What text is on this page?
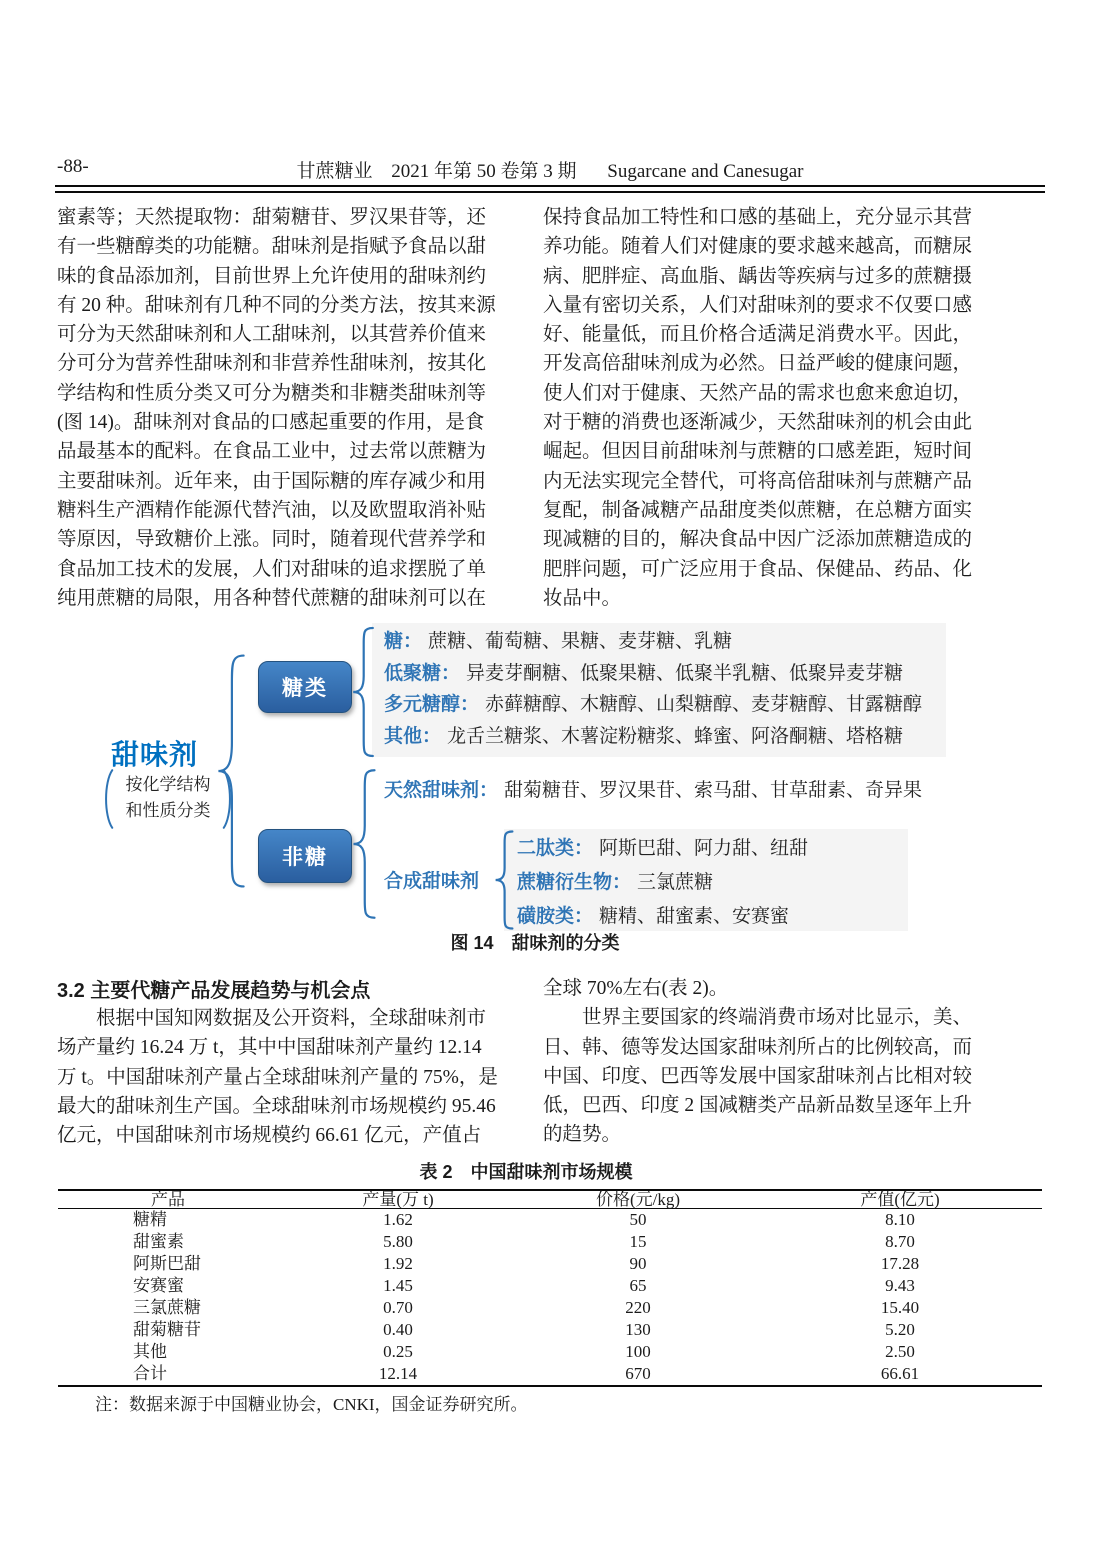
甘蔗糖业 2021 年第 50 卷第 3 期 Sugarcane and Canesugar
-88-
蜜素等；天然提取物：甜菊糖苷、罗汉果苷等，还
有一些糖醇类的功能糖。甜味剂是指赋予食品以甜
味的食品添加剂，目前世界上允许使用的甜味剂约
有 20 种。甜味剂有几种不同的分类方法，按其来源
可分为天然甜味剂和人工甜味剂，以其营养价值来
分可分为营养性甜味剂和非营养性甜味剂，按其化
学结构和性质分类又可分为糖类和非糖类甜味剂等
(图 14)。甜味剂对食品的口感起重要的作用，是食
品最基本的配料。在食品工业中，过去常以蔗糖为
主要甜味剂。近年来，由于国际糖的库存减少和用
糖料生产酒精作能源代替汽油，以及欧盟取消补贴
等原因，导致糖价上涨。同时，随着现代营养学和
食品加工技术的发展，人们对甜味的追求摆脱了单
纯用蔗糖的局限，用各种替代蔗糖的甜味剂可以在
保持食品加工特性和口感的基础上，充分显示其营
养功能。随着人们对健康的要求越来越高，而糖尿
病、肥胖症、高血脂、龋齿等疾病与过多的蔗糖摄
入量有密切关系，人们对甜味剂的要求不仅要口感
好、能量低，而且价格合适满足消费水平。因此，
开发高倍甜味剂成为必然。日益严峻的健康问题，
使人们对于健康、天然产品的需求也愈来愈迫切，
对于糖的消费也逐渐减少，天然甜味剂的机会由此
崛起。但因目前甜味剂与蔗糖的口感差距，短时间
内无法实现完全替代，可将高倍甜味剂与蔗糖产品
复配，制备减糖产品甜度类似蔗糖，在总糖方面实
现减糖的目的，解决食品中因广泛添加蔗糖造成的
肥胖问题，可广泛应用于食品、保健品、药品、化
妆品中。
甜味剂
按化学结构
和性质分类
糖类
非糖
糖： 蔗糖、葡萄糖、果糖、麦芽糖、乳糖
低聚糖： 异麦芽酮糖、低聚果糖、低聚半乳糖、低聚异麦芽糖
多元糖醇： 赤藓糖醇、木糖醇、山梨糖醇、麦芽糖醇、甘露糖醇
其他： 龙舌兰糖浆、木薯淀粉糖浆、蜂蜜、阿洛酮糖、塔格糖
天然甜味剂： 甜菊糖苷、罗汉果苷、索马甜、甘草甜素、奇异果
合成甜味剂
二肽类： 阿斯巴甜、阿力甜、纽甜
蔗糖衍生物： 三氯蔗糖
磺胺类： 糖精、甜蜜素、安赛蜜
图 14　甜味剂的分类
3.2 主要代糖产品发展趋势与机会点
　　根据中国知网数据及公开资料，全球甜味剂市
场产量约 16.24 万 t，其中中国甜味剂产量约 12.14
万 t。中国甜味剂产量占全球甜味剂产量的 75%，是
最大的甜味剂生产国。全球甜味剂市场规模约 95.46
亿元，中国甜味剂市场规模约 66.61 亿元，产值占
全球 70%左右(表 2)。
　　世界主要国家的终端消费市场对比显示，美、
日、韩、德等发达国家甜味剂所占的比例较高，而
中国、印度、巴西等发展中国家甜味剂占比相对较
低，巴西、印度 2 国减糖类产品新品数呈逐年上升
的趋势。
表 2　中国甜味剂市场规模
产品	产量(万 t)	价格(元/kg)	产值(亿元)
糖精	1.62	50	8.10
甜蜜素	5.80	15	8.70
阿斯巴甜	1.92	90	17.28
安赛蜜	1.45	65	9.43
三氯蔗糖	0.70	220	15.40
甜菊糖苷	0.40	130	5.20
其他	0.25	100	2.50
合计	12.14	670	66.61
注：数据来源于中国糖业协会，CNKI，国金证券研究所。
